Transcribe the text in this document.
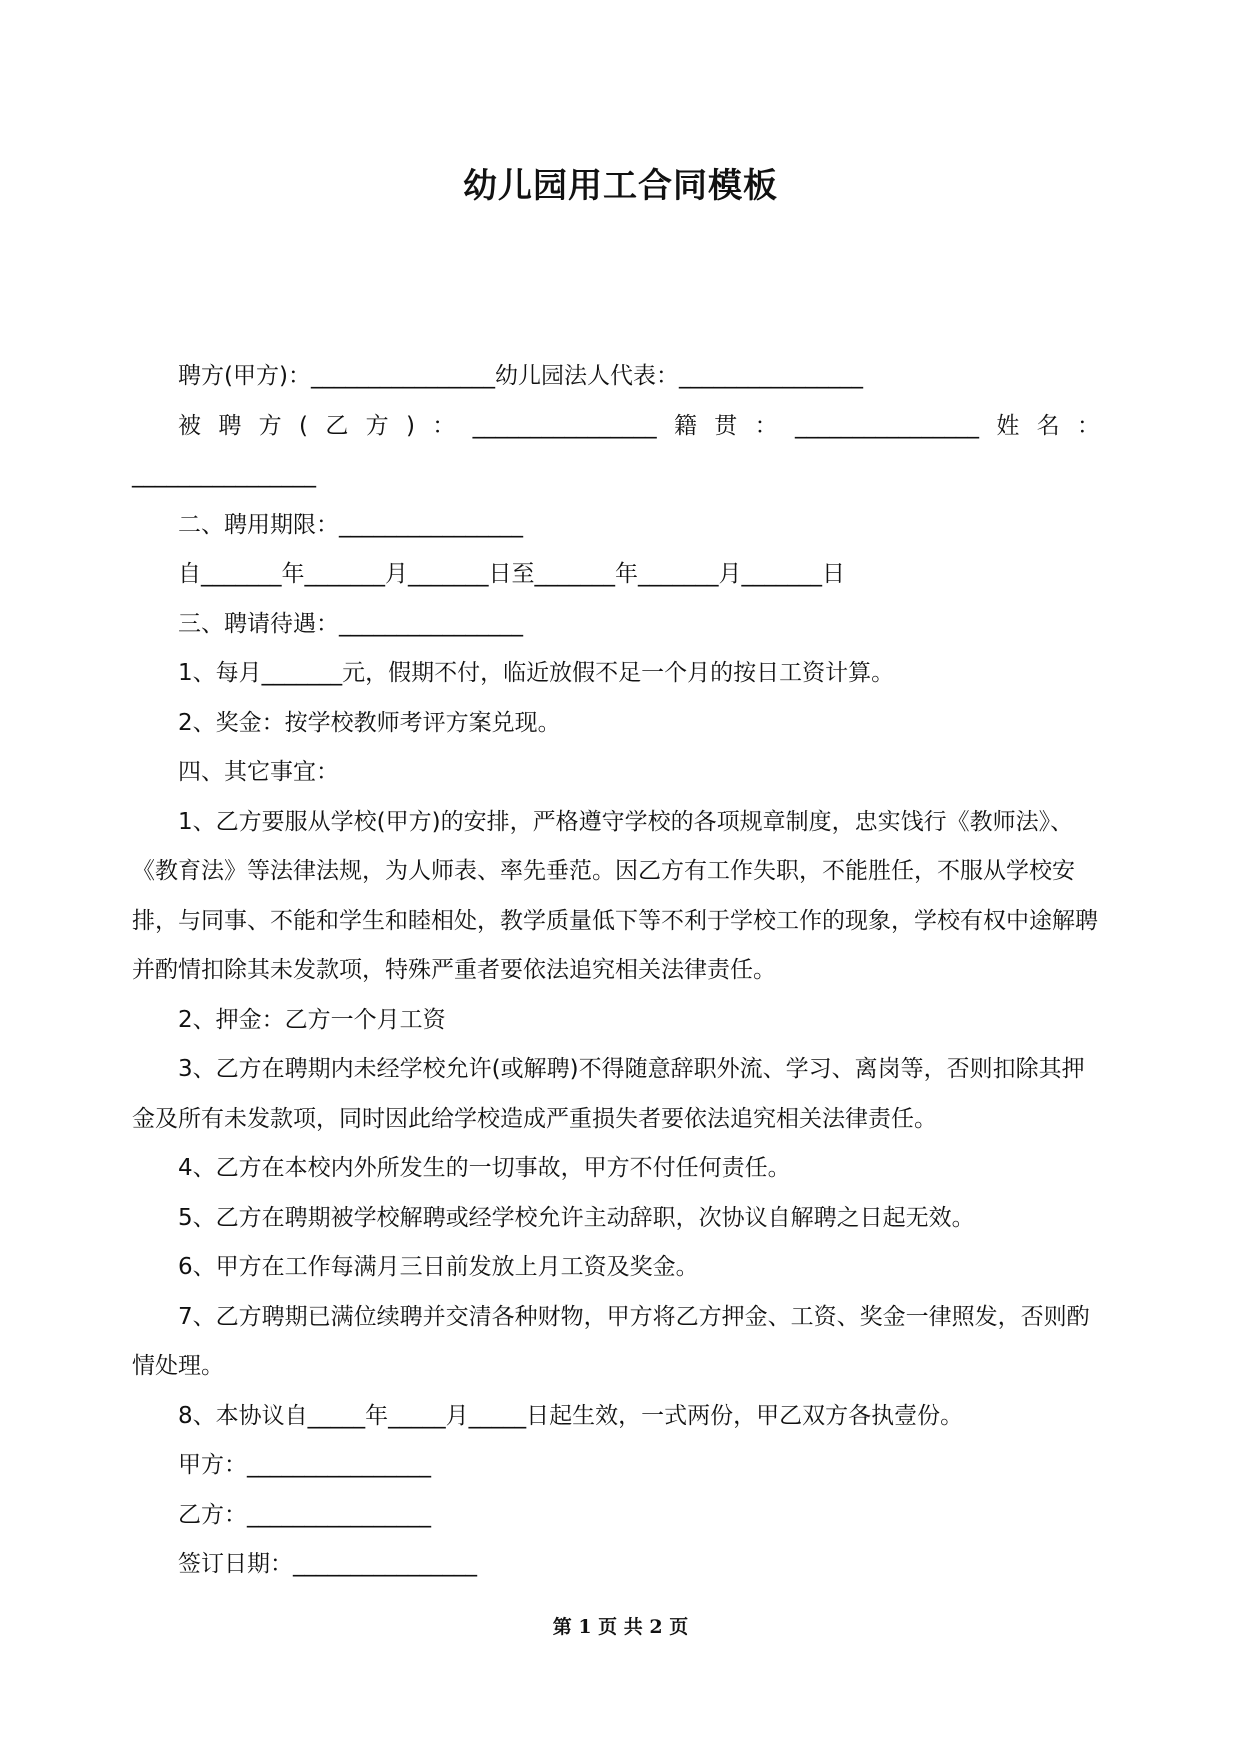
幼儿园用工合同模板

聘方(甲方)：________________幼儿园法人代表：________________

被聘方(乙方)：________________籍贯：________________姓名：

________________

二、聘用期限：________________

自_______年_______月_______日至_______年_______月_______日

三、聘请待遇：________________

1、每月_______元，假期不付，临近放假不足一个月的按日工资计算。

2、奖金：按学校教师考评方案兑现。

四、其它事宜：

1、乙方要服从学校(甲方)的安排，严格遵守学校的各项规章制度，忠实饯行《教师法》、《教育法》等法律法规，为人师表、率先垂范。因乙方有工作失职，不能胜任，不服从学校安排，与同事、不能和学生和睦相处，教学质量低下等不利于学校工作的现象，学校有权中途解聘并酌情扣除其未发款项，特殊严重者要依法追究相关法律责任。

2、押金：乙方一个月工资

3、乙方在聘期内未经学校允许(或解聘)不得随意辞职外流、学习、离岗等，否则扣除其押金及所有未发款项，同时因此给学校造成严重损失者要依法追究相关法律责任。

4、乙方在本校内外所发生的一切事故，甲方不付任何责任。

5、乙方在聘期被学校解聘或经学校允许主动辞职，次协议自解聘之日起无效。

6、甲方在工作每满月三日前发放上月工资及奖金。

7、乙方聘期已满位续聘并交清各种财物，甲方将乙方押金、工资、奖金一律照发，否则酌情处理。

8、本协议自_____年_____月_____日起生效，一式两份，甲乙双方各执壹份。

甲方：________________

乙方：________________

签订日期：________________

第 1 页 共 2 页
